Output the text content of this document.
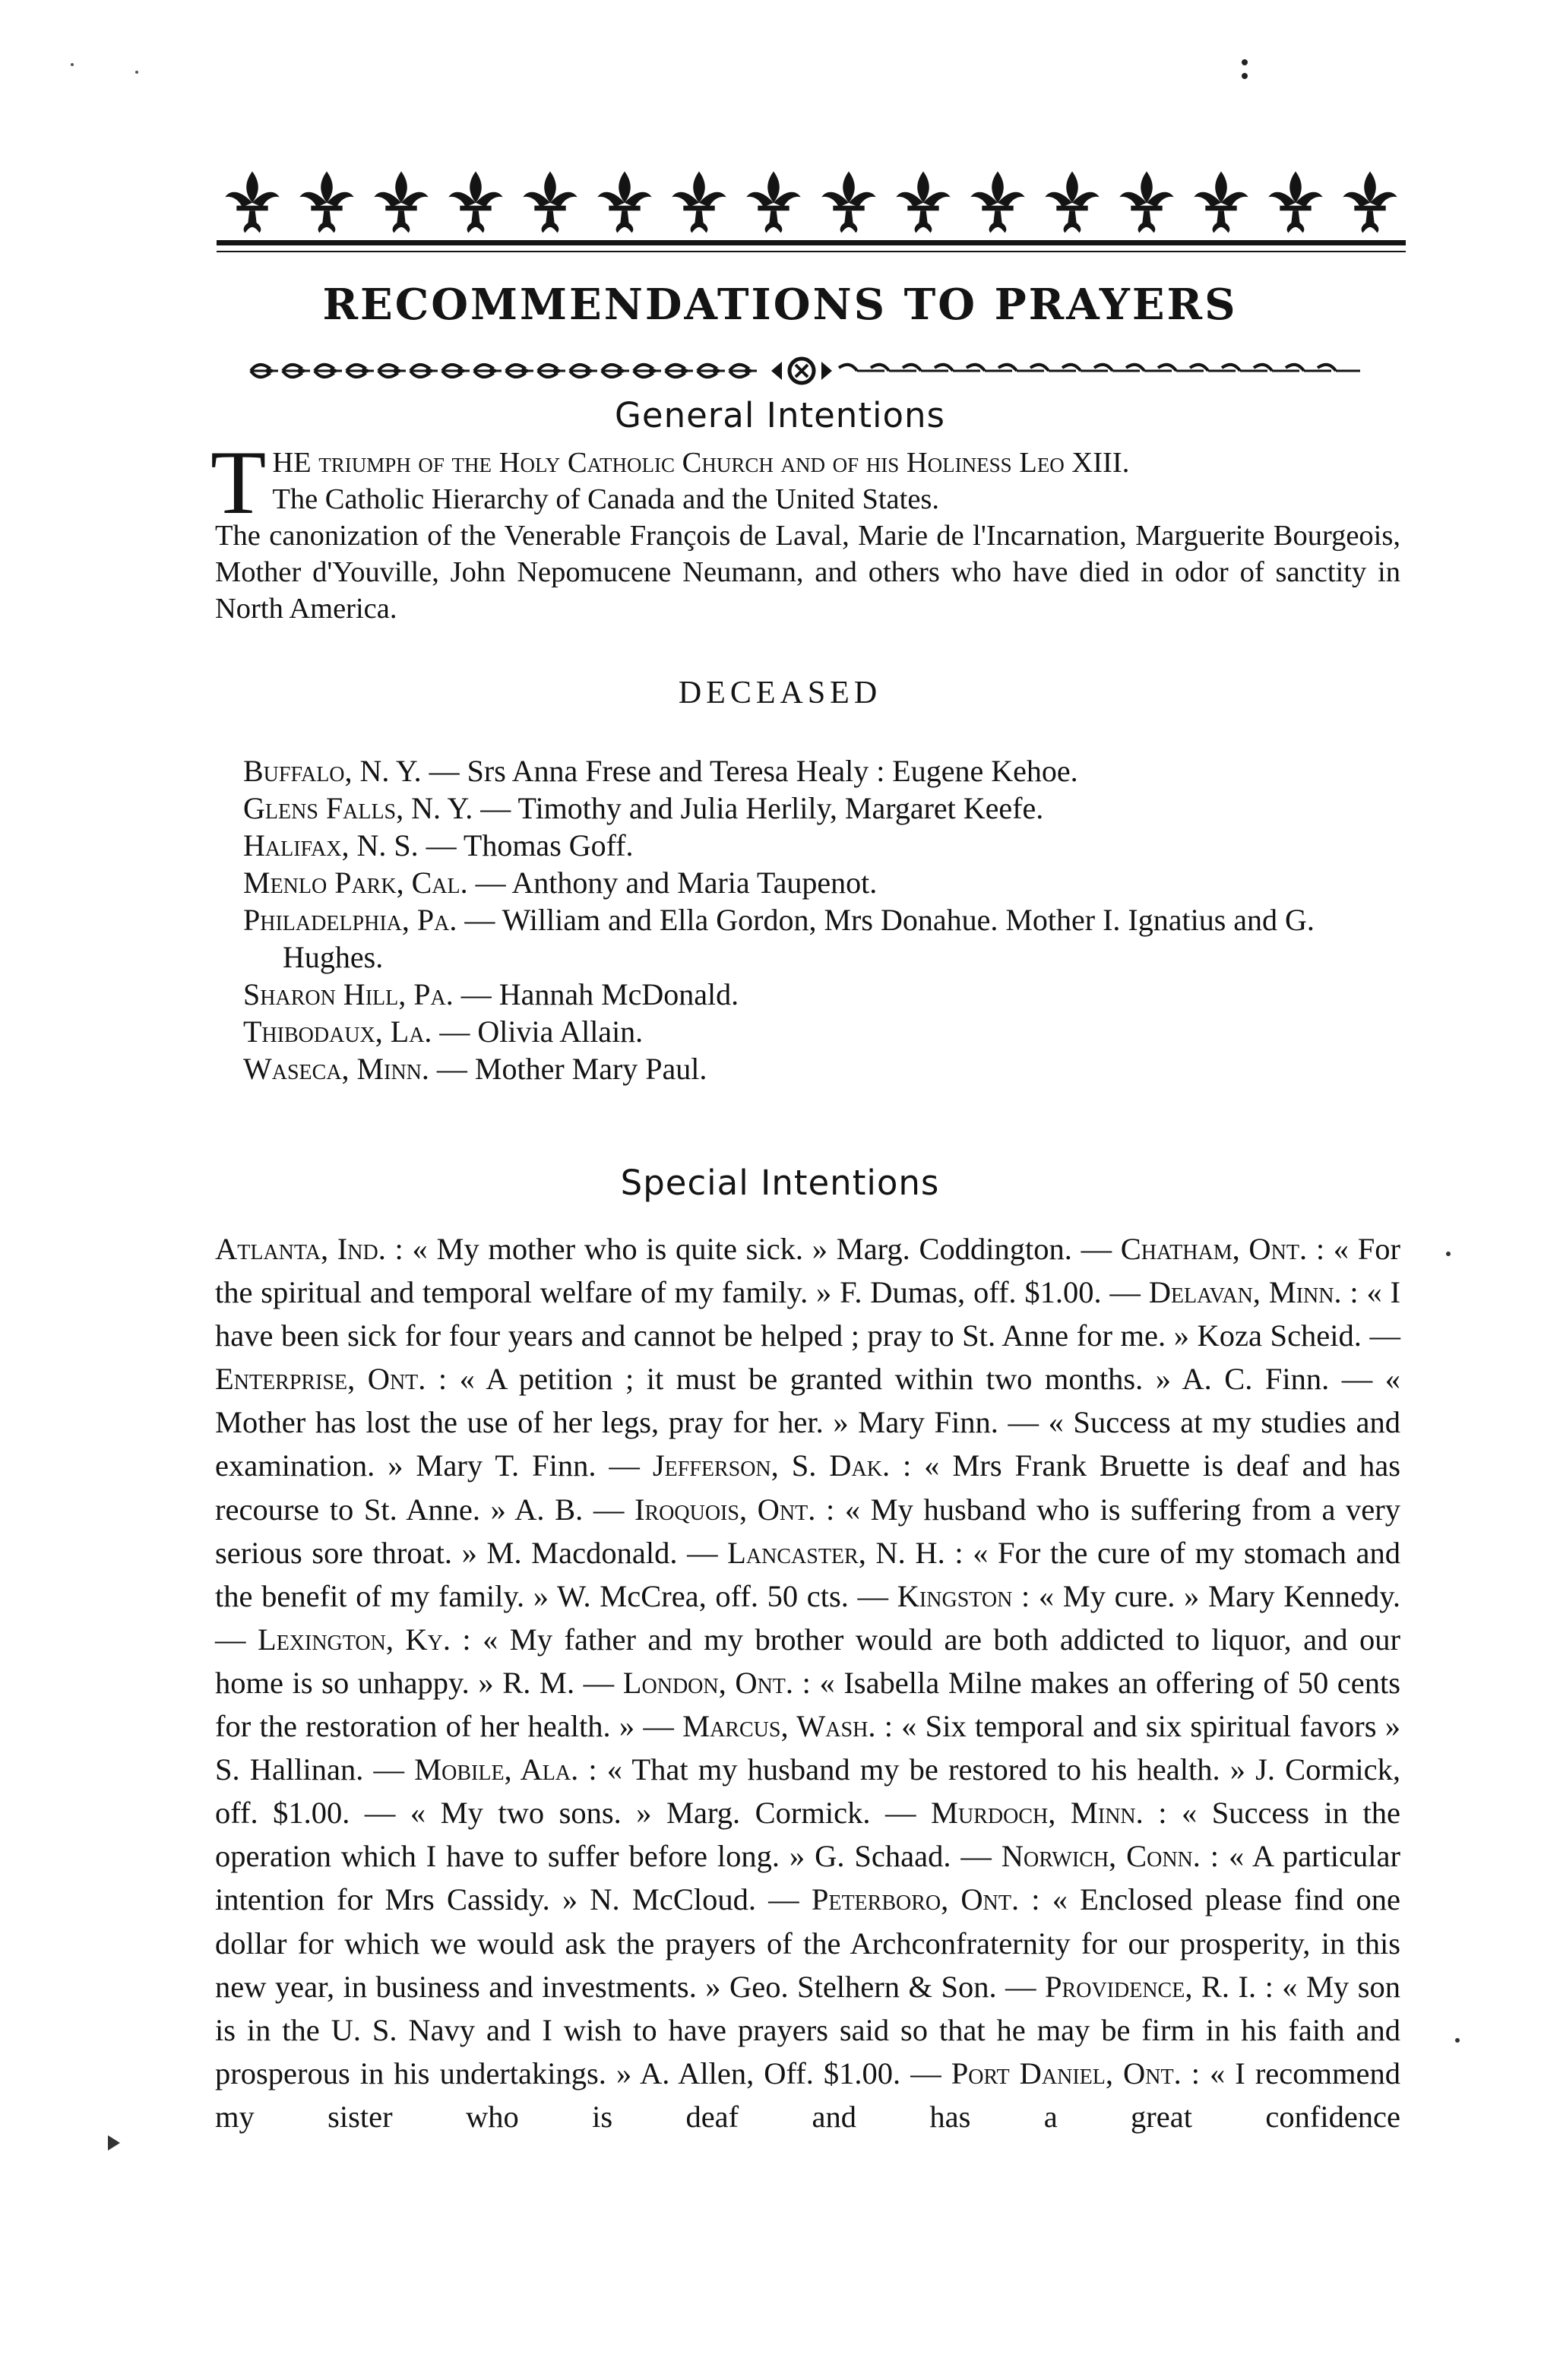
RECOMMENDATIONS TO PRAYERS
General Intentions
T HE triumph of the Holy Catholic Church and of his Holiness Leo XIII.
The Catholic Hierarchy of Canada and the United States.
The canonization of the Venerable François de Laval, Marie de l'Incarnation, Marguerite Bourgeois, Mother d'Youville, John Nepomucene Neumann, and others who have died in odor of sanctity in North America.
DECEASED
Buffalo, N. Y. — Srs Anna Frese and Teresa Healy : Eugene Kehoe.
Glens Falls, N. Y. — Timothy and Julia Herlily, Margaret Keefe.
Halifax, N. S. — Thomas Goff.
Menlo Park, Cal. — Anthony and Maria Taupenot.
Philadelphia, Pa. — William and Ella Gordon, Mrs Donahue. Mother I. Ignatius and G. Hughes.
Sharon Hill, Pa. — Hannah McDonald.
Thibodaux, La. — Olivia Allain.
Waseca, Minn. — Mother Mary Paul.
Special Intentions
Atlanta, Ind. : « My mother who is quite sick. » Marg. Coddington. — Chatham, Ont. : « For the spiritual and temporal welfare of my family. » F. Dumas, off. $1.00. — Delavan, Minn. : « I have been sick for four years and cannot be helped ; pray to St. Anne for me. » Koza Scheid. — Enterprise, Ont. : « A petition ; it must be granted within two months. » A. C. Finn. — « Mother has lost the use of her legs, pray for her. » Mary Finn. — « Success at my studies and examination. » Mary T. Finn. — Jefferson, S. Dak. : « Mrs Frank Bruette is deaf and has recourse to St. Anne. » A. B. — Iroquois, Ont. : « My husband who is suffering from a very serious sore throat. » M. Macdonald. — Lancaster, N. H. : « For the cure of my stomach and the benefit of my family. » W. McCrea, off. 50 cts. — Kingston : « My cure. » Mary Kennedy. — Lexington, Ky. : « My father and my brother would are both addicted to liquor, and our home is so unhappy. » R. M. — London, Ont. : « Isabella Milne makes an offering of 50 cents for the restoration of her health. » — Marcus, Wash. : « Six temporal and six spiritual favors » S. Hallinan. — Mobile, Ala. : « That my husband my be restored to his health. » J. Cormick, off. $1.00. — « My two sons. » Marg. Cormick. — Murdoch, Minn. : « Success in the operation which I have to suffer before long. » G. Schaad. — Norwich, Conn. : « A particular intention for Mrs Cassidy. » N. McCloud. — Peterboro, Ont. : « Enclosed please find one dollar for which we would ask the prayers of the Archconfraternity for our prosperity, in this new year, in business and investments. » Geo. Stelhern & Son. — Providence, R. I. : « My son is in the U. S. Navy and I wish to have prayers said so that he may be firm in his faith and prosperous in his undertakings. » A. Allen, Off. $1.00. — Port Daniel, Ont. : « I recommend my sister who is deaf and has a great confidence
